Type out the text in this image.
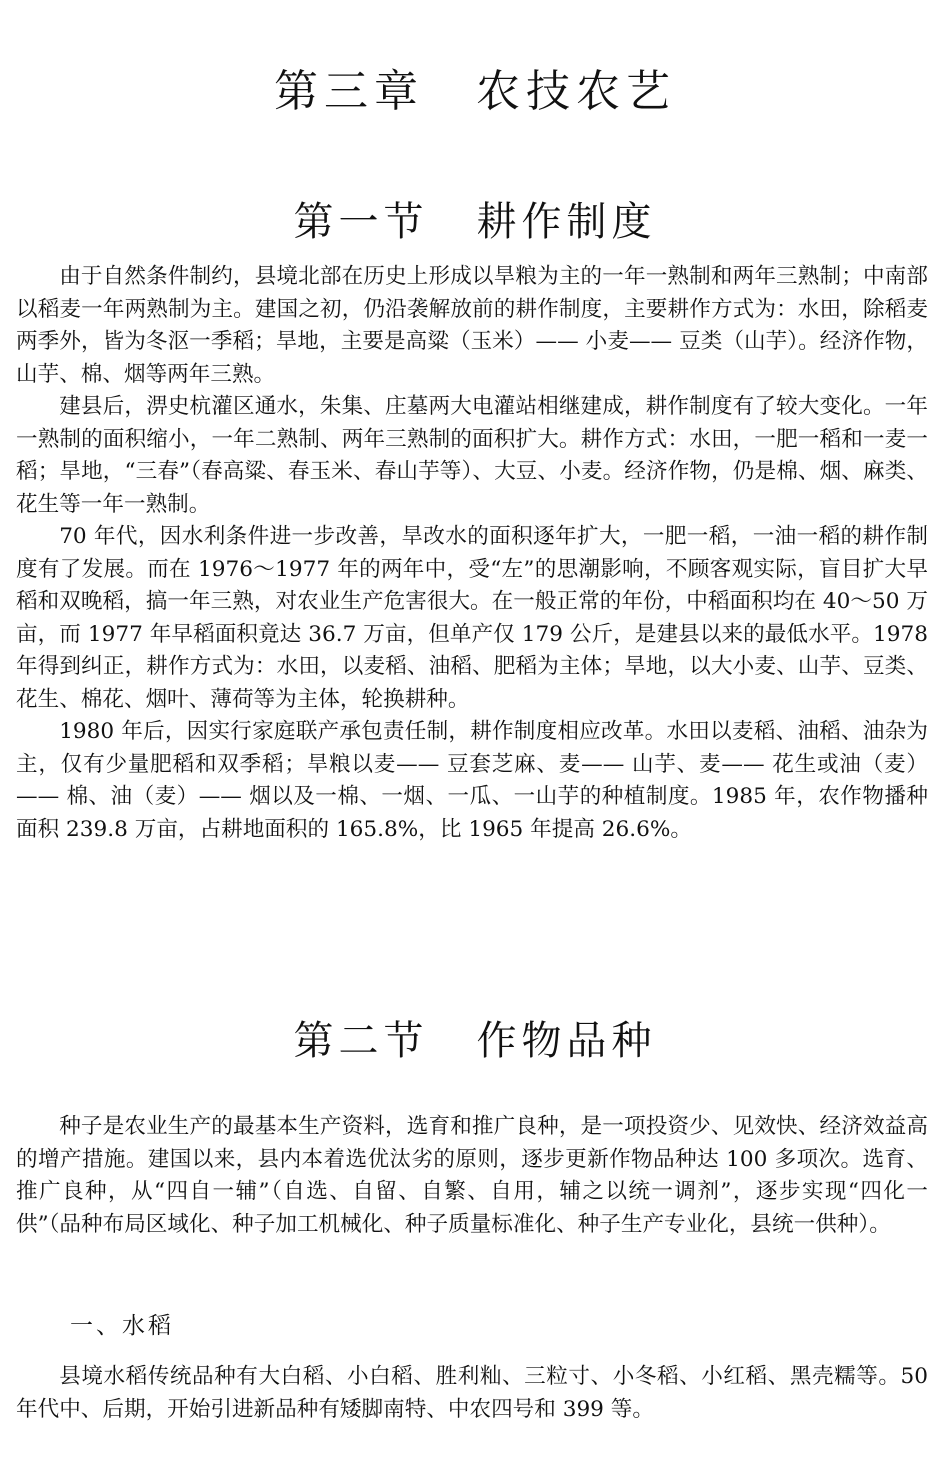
第三章 农技农艺
第一节 耕作制度

由于自然条件制约，县境北部在历史上形成以旱粮为主的一年一熟制和两年三熟制；中南部以稻麦一年两熟制为主。建国之初，仍沿袭解放前的耕作制度，主要耕作方式为：水田，除稻麦两季外，皆为冬沤一季稻；旱地，主要是高粱（玉米）—— 小麦—— 豆类（山芋）。经济作物，山芋、棉、烟等两年三熟。

建县后，淠史杭灌区通水，朱集、庄墓两大电灌站相继建成，耕作制度有了较大变化。一年一熟制的面积缩小，一年二熟制、两年三熟制的面积扩大。耕作方式：水田，一肥一稻和一麦一稻；旱地，“三春”（春高粱、春玉米、春山芋等）、大豆、小麦。经济作物，仍是棉、烟、麻类、花生等一年一熟制。

70 年代，因水利条件进一步改善，旱改水的面积逐年扩大，一肥一稻，一油一稻的耕作制度有了发展。而在 1976～1977 年的两年中，受“左”的思潮影响，不顾客观实际，盲目扩大早稻和双晚稻，搞一年三熟，对农业生产危害很大。在一般正常的年份，中稻面积均在 40～50 万亩，而 1977 年早稻面积竟达 36.7 万亩，但单产仅 179 公斤，是建县以来的最低水平。1978 年得到纠正，耕作方式为：水田，以麦稻、油稻、肥稻为主体；旱地，以大小麦、山芋、豆类、花生、棉花、烟叶、薄荷等为主体，轮换耕种。

1980 年后，因实行家庭联产承包责任制，耕作制度相应改革。水田以麦稻、油稻、油杂为主，仅有少量肥稻和双季稻；旱粮以麦—— 豆套芝麻、麦—— 山芋、麦—— 花生或油（麦）—— 棉、油（麦）—— 烟以及一棉、一烟、一瓜、一山芋的种植制度。1985 年，农作物播种面积 239.8 万亩，占耕地面积的 165.8%，比 1965 年提高 26.6%。

第二节 作物品种

种子是农业生产的最基本生产资料，选育和推广良种，是一项投资少、见效快、经济效益高的增产措施。建国以来，县内本着选优汰劣的原则，逐步更新作物品种达 100 多项次。选育、推广良种，从“四自一辅”（自选、自留、自繁、自用，辅之以统一调剂”，逐步实现“四化一供”（品种布局区域化、种子加工机械化、种子质量标准化、种子生产专业化，县统一供种）。

一、水稻

县境水稻传统品种有大白稻、小白稻、胜利籼、三粒寸、小冬稻、小红稻、黑壳糯等。50 年代中、后期，开始引进新品种有矮脚南特、中农四号和 399 等。
